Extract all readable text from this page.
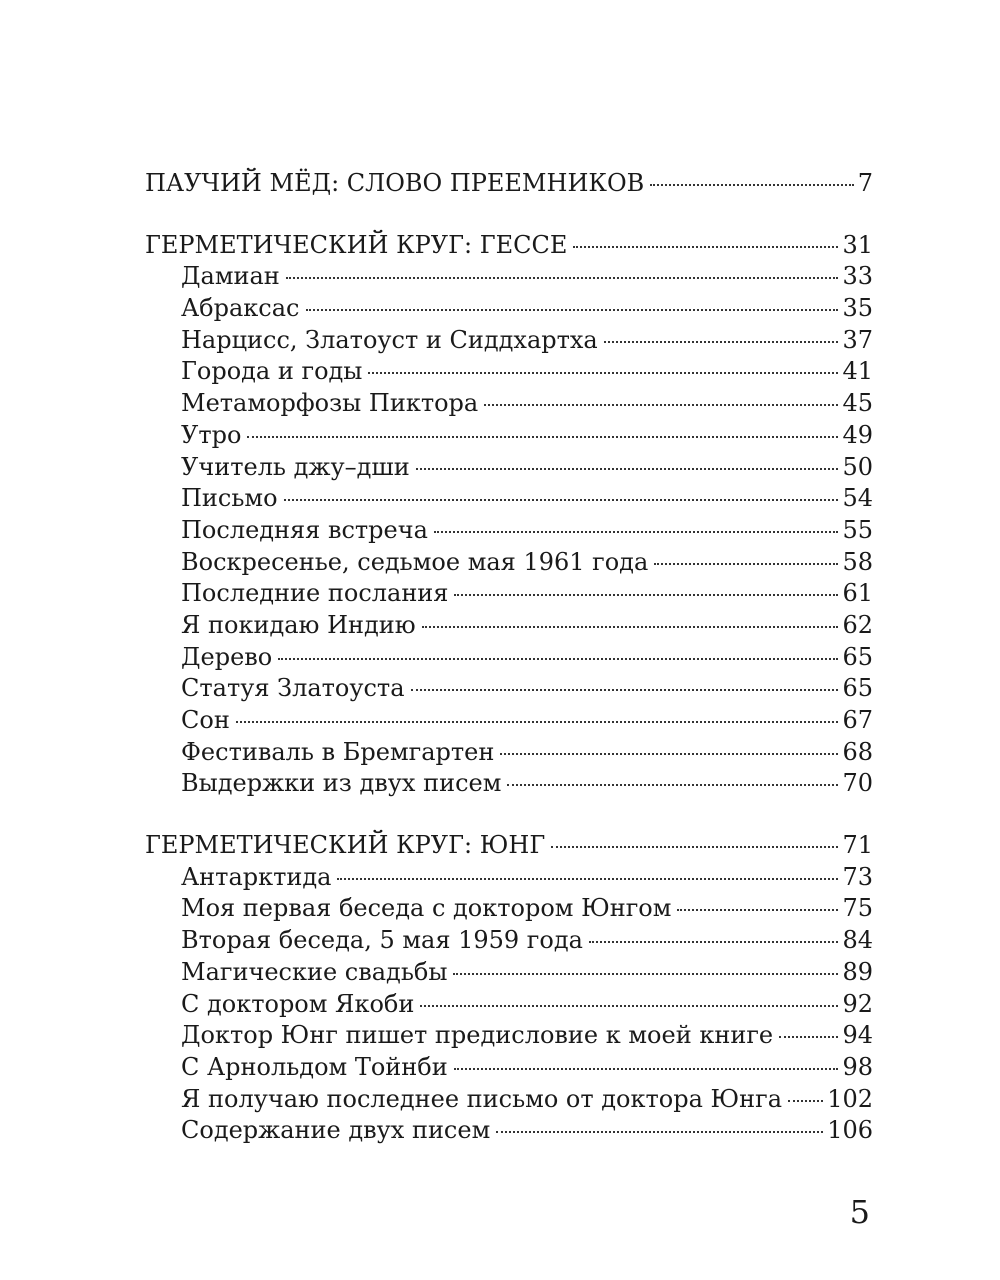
ПАУЧИЙ МЁД: СЛОВО ПРЕЕМНИКОВ	7
ГЕРМЕТИЧЕСКИЙ КРУГ: ГЕССЕ	31
Дамиан	33
Абраксас	35
Нарцисс, Златоуст и Сиддхартха	37
Города и годы	41
Метаморфозы Пиктора	45
Утро	49
Учитель джу–дши	50
Письмо	54
Последняя встреча	55
Воскресенье, седьмое мая 1961 года	58
Последние послания	61
Я покидаю Индию	62
Дерево	65
Статуя Златоуста	65
Сон	67
Фестиваль в Бремгартен	68
Выдержки из двух писем	70
ГЕРМЕТИЧЕСКИЙ КРУГ: ЮНГ	71
Антарктида	73
Моя первая беседа с доктором Юнгом	75
Вторая беседа, 5 мая 1959 года	84
Магические свадьбы	89
С доктором Якоби	92
Доктор Юнг пишет предисловие к моей книге	94
С Арнольдом Тойнби	98
Я получаю последнее письмо от доктора Юнга 102
Содержание двух писем	106
5
